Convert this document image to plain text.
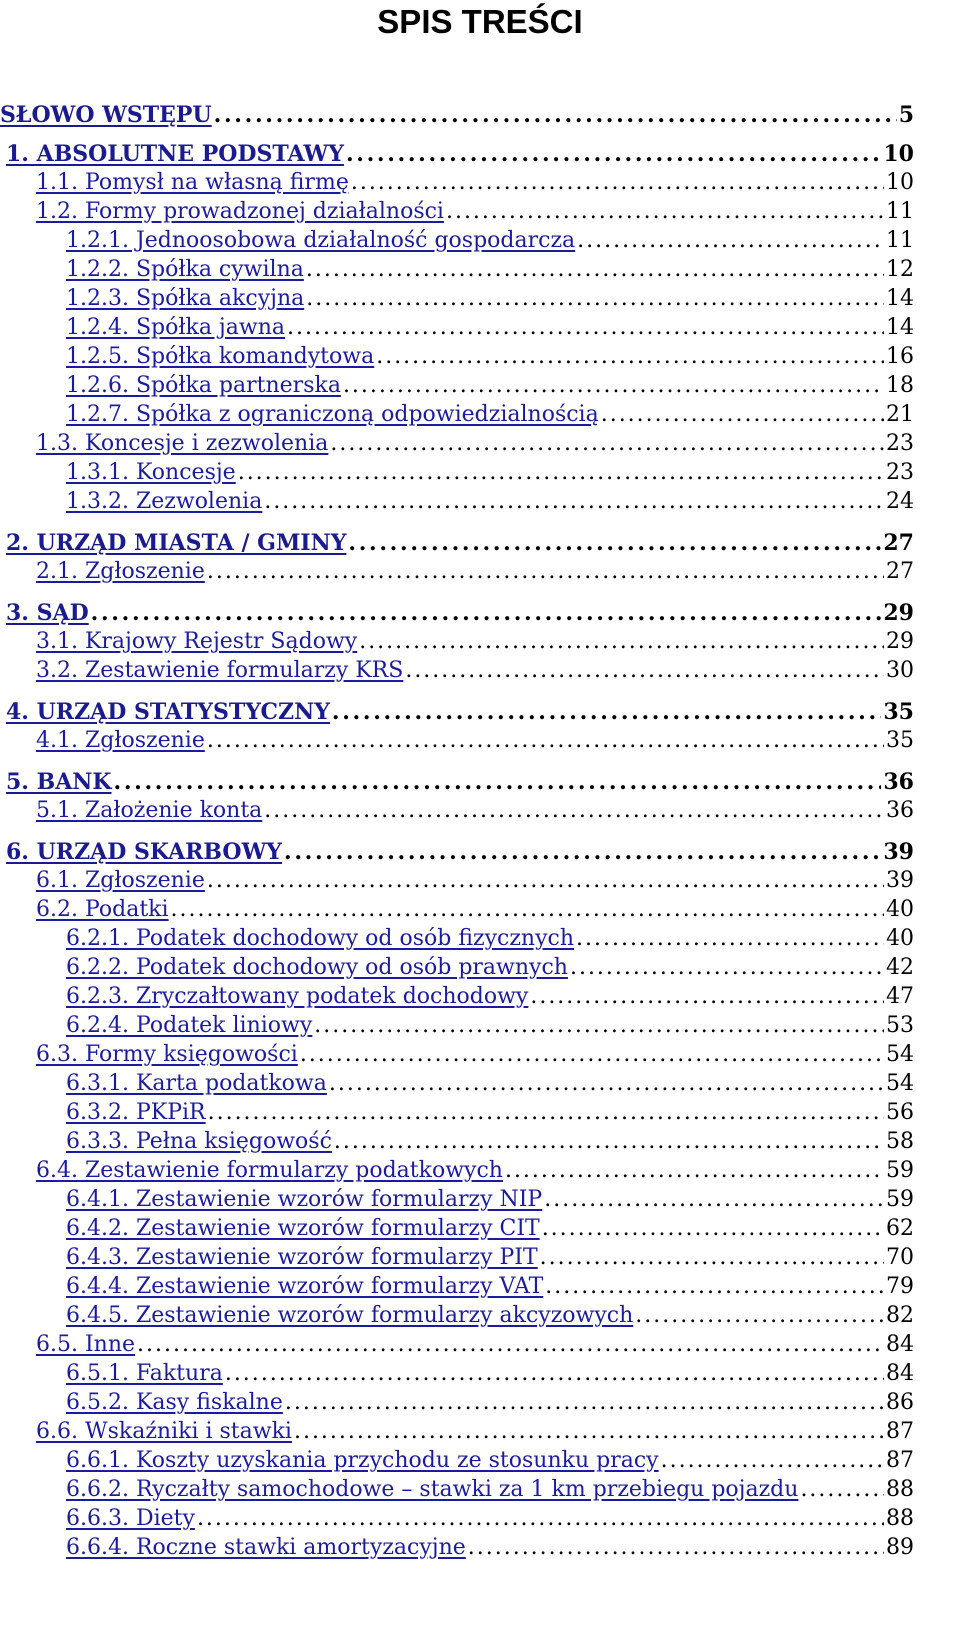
SPIS TREŚCI
SŁOWO WSTĘPU . . .	5
1. ABSOLUTNE PODSTAWY . . .	10
1.1. Pomysł na własną firmę . . .	10
1.2. Formy prowadzonej działalności . . .	11
1.2.1. Jednoosobowa działalność gospodarcza . . .	11
1.2.2. Spółka cywilna . . .	12
1.2.3. Spółka akcyjna . . .	14
1.2.4. Spółka jawna . . .	14
1.2.5. Spółka komandytowa . . .	16
1.2.6. Spółka partnerska . . .	18
1.2.7. Spółka z ograniczoną odpowiedzialnością . . .	21
1.3. Koncesje i zezwolenia . . .	23
1.3.1. Koncesje . . .	23
1.3.2. Zezwolenia . . .	24
2. URZĄD MIASTA / GMINY . . .	27
2.1. Zgłoszenie . . .	27
3. SĄD . . .	29
3.1. Krajowy Rejestr Sądowy . . .	29
3.2. Zestawienie formularzy KRS . . .	30
4. URZĄD STATYSTYCZNY . . .	35
4.1. Zgłoszenie . . .	35
5. BANK . . .	36
5.1. Założenie konta . . .	36
6. URZĄD SKARBOWY . . .	39
6.1. Zgłoszenie . . .	39
6.2. Podatki . . .	40
6.2.1. Podatek dochodowy od osób fizycznych . . .	40
6.2.2. Podatek dochodowy od osób prawnych . . .	42
6.2.3. Zryczałtowany podatek dochodowy . . .	47
6.2.4. Podatek liniowy . . .	53
6.3. Formy księgowości . . .	54
6.3.1. Karta podatkowa . . .	54
6.3.2. PKPiR . . .	56
6.3.3. Pełna księgowość . . .	58
6.4. Zestawienie formularzy podatkowych . . .	59
6.4.1. Zestawienie wzorów formularzy NIP . . .	59
6.4.2. Zestawienie wzorów formularzy CIT . . .	62
6.4.3. Zestawienie wzorów formularzy PIT . . .	70
6.4.4. Zestawienie wzorów formularzy VAT . . .	79
6.4.5. Zestawienie wzorów formularzy akcyzowych . . .	82
6.5. Inne . . .	84
6.5.1. Faktura . . .	84
6.5.2. Kasy fiskalne . . .	86
6.6. Wskaźniki i stawki . . .	87
6.6.1. Koszty uzyskania przychodu ze stosunku pracy . . .	87
6.6.2. Ryczałty samochodowe – stawki za 1 km przebiegu pojazdu . . .	88
6.6.3. Diety . . .	88
6.6.4. Roczne stawki amortyzacyjne . . .	89
